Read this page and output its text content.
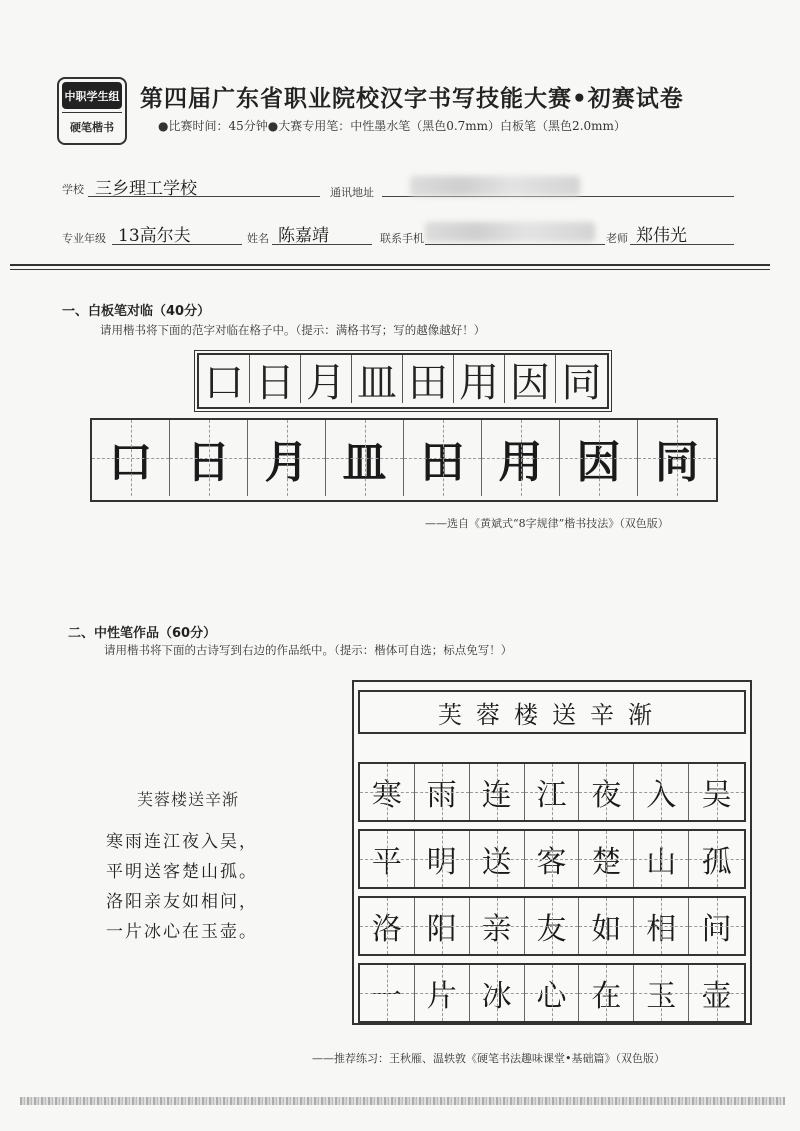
中职学生组
硬笔楷书
第四届广东省职业院校汉字书写技能大赛•初赛试卷
●比赛时间：45分钟●大赛专用笔：中性墨水笔（黑色0.7mm）白板笔（黑色2.0mm）
学校 三乡理工学校	通讯地址
专业年级 13高尔夫	姓名 陈嘉靖	联系手机	老师 郑伟光
一、白板笔对临（40分）
请用楷书将下面的范字对临在格子中。（提示：满格书写；写的越像越好！）
口 日 月 皿 田 用 因 同
口 日 月 皿 田 用 因 同
——选自《黄斌式“8字规律”楷书技法》（双色版）
二、中性笔作品（60分）
请用楷书将下面的古诗写到右边的作品纸中。（提示：楷体可自选；标点免写！）
芙蓉楼送辛渐
寒雨连江夜入吴，
平明送客楚山孤。
洛阳亲友如相问，
一片冰心在玉壶。
芙蓉楼送辛渐
寒 雨 连 江 夜 入 吴
平 明 送 客 楚 山 孤
洛 阳 亲 友 如 相 问
一 片 冰 心 在 玉 壶
——推荐练习：王秋雁、温轶敦《硬笔书法趣味课堂•基础篇》（双色版）
